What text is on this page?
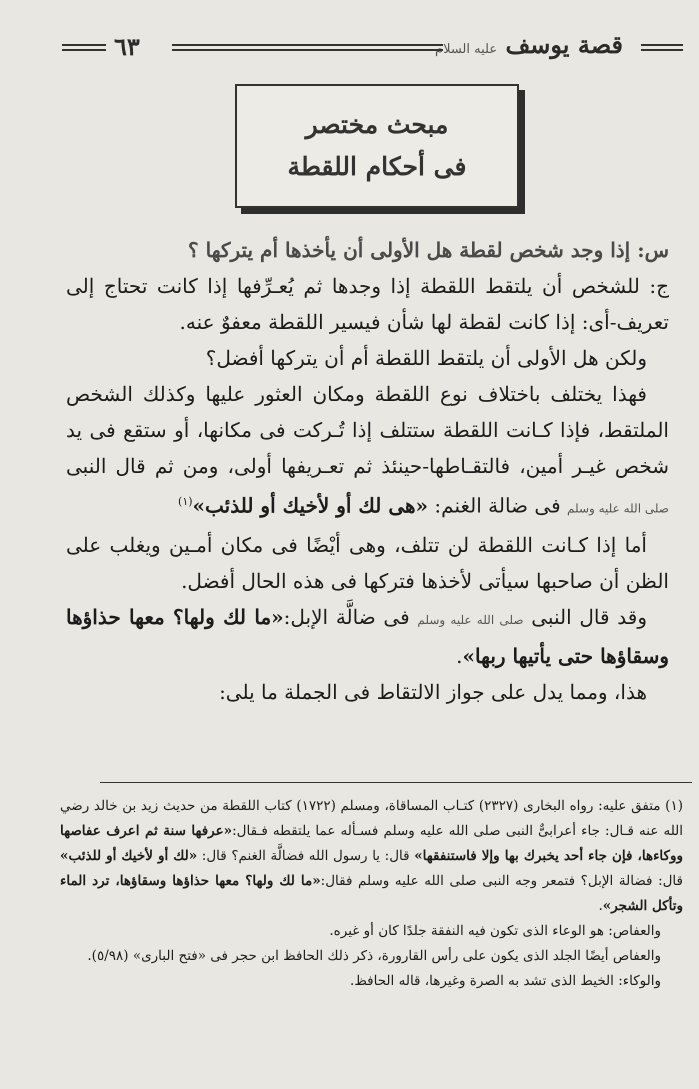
قصة يوسف عليه السلام
٦٣
مبحث مختصر
فى أحكام اللقطة

س: إذا وجد شخص لقطة هل الأولى أن يأخذها أم يتركها ؟

ج: للشخص أن يلتقط اللقطة إذا وجدها ثم يُعـرِّفها إذا كانت تحتاج إلى تعريف-أى: إذا كانت لقطة لها شأن فيسير اللقطة معفوٌ عنه.

ولكن هل الأولى أن يلتقط اللقطة أم أن يتركها أفضل؟

فهذا يختلف باختلاف نوع اللقطة ومكان العثور عليها وكذلك الشخص الملتقط، فإذا كـانت اللقطة ستتلف إذا تُـركت فى مكانها، أو ستقع فى يد شخص غيـر أمين، فالتقـاطها-حينئذ ثم تعـريفها أولى، ومن ثم قال النبى صلى الله عليه وسلم فى ضالة الغنم: «هى لك أو لأخيك أو للذئب»$^{(١)}$

أما إذا كـانت اللقطة لن تتلف، وهى أيْضًا فى مكان أمـين ويغلب على الظن أن صاحبها سيأتى لأخذها فتركها فى هذه الحال أفضل.

وقد قال النبى صلى الله عليه وسلم فى ضالَّة الإبل:«ما لك ولها؟ معها حذاؤها وسقاؤها حتى يأتيها ربها».

هذا، ومما يدل على جواز الالتقاط فى الجملة ما يلى:

(١) متفق عليه: رواه البخارى (٢٣٢٧) كتـاب المساقاة، ومسلم (١٧٢٢) كتاب اللقطة من حديث زيد بن خالد رضي الله عنه قـال: جاء أعرابىٌّ النبى صلى الله عليه وسلم فسـأله عما يلتقطه فـقال:«عرفها سنة ثم اعرف عفاصها ووكاءها، فإن جاء أحد يخبرك بها وإلا فاستنفقها» قال: يا رسول الله فضالَّة الغنم؟ قال: «لك أو لأخيك أو للذئب» قال: فضالة الإبل؟ فتمعر وجه النبى صلى الله عليه وسلم فقال:«ما لك ولها؟ معها حذاؤها وسقاؤها، ترد الماء وتأكل الشجر».

والعفاص: هو الوعاء الذى تكون فيه النفقة جلدًا كان أو غيره.

والعفاص أيضًا الجلد الذى يكون على رأس القارورة، ذكر ذلك الحافظ ابن حجر فى «فتح البارى» (٥/٩٨).

والوكاء: الخيط الذى تشد به الصرة وغيرها، قاله الحافظ.
